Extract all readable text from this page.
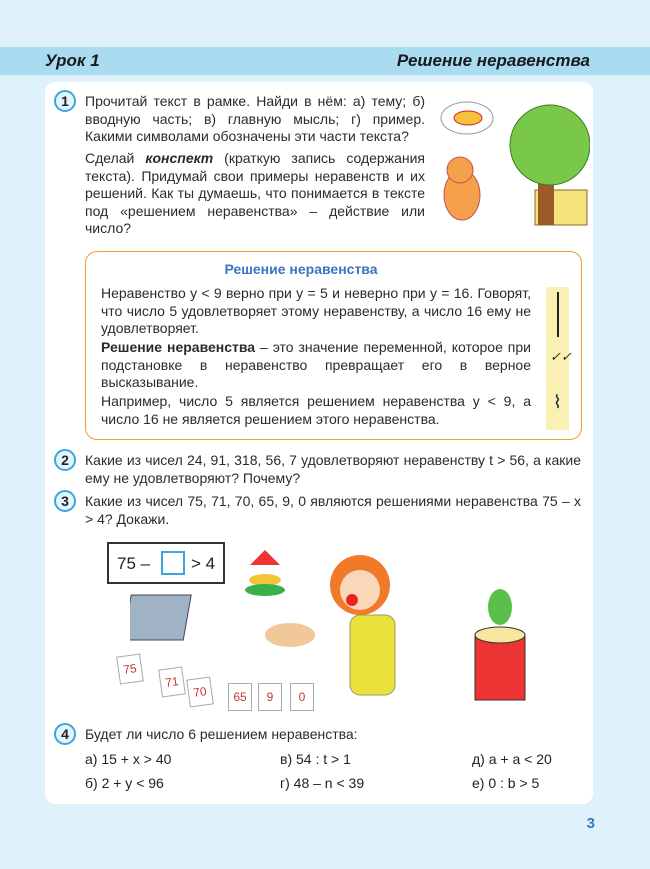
Урок 1	Решение неравенства
1	Прочитай текст в рамке. Найди в нём: а) тему; б) вводную часть; в) главную мысль; г) пример. Какими символами обозначены эти части текста?
Сделай конспект (краткую запись содержания текста). Придумай свои примеры неравенств и их решений. Как ты думаешь, что понимается в тексте под «решением неравенства» – действие или число?
Решение неравенства
Неравенство y < 9 верно при y = 5 и неверно при y = 16. Говорят, что число 5 удовлетворяет этому неравенству, а число 16 ему не удовлетворяет.
Решение неравенства – это значение переменной, которое при подстановке в неравенство превращает его в верное высказывание.
Например, число 5 является решением неравенства y < 9, а число 16 не является решением этого неравенства.
✓✓
⌇
2	Какие из чисел 24, 91, 318, 56, 7 удовлетворяют неравенству t > 56, а какие ему не удовлетворяют? Почему?
3	Какие из чисел 75, 71, 70, 65, 9, 0 являются решениями неравенства 75 – x > 4? Докажи.
75 – > 4
75
71
70	65	9	0
4	Будет ли число 6 решением неравенства:
а) 15 + x > 40	в) 54 : t > 1	д) a + a < 20
б) 2 + y < 96	г) 48 – n < 39	е) 0 : b > 5
3
